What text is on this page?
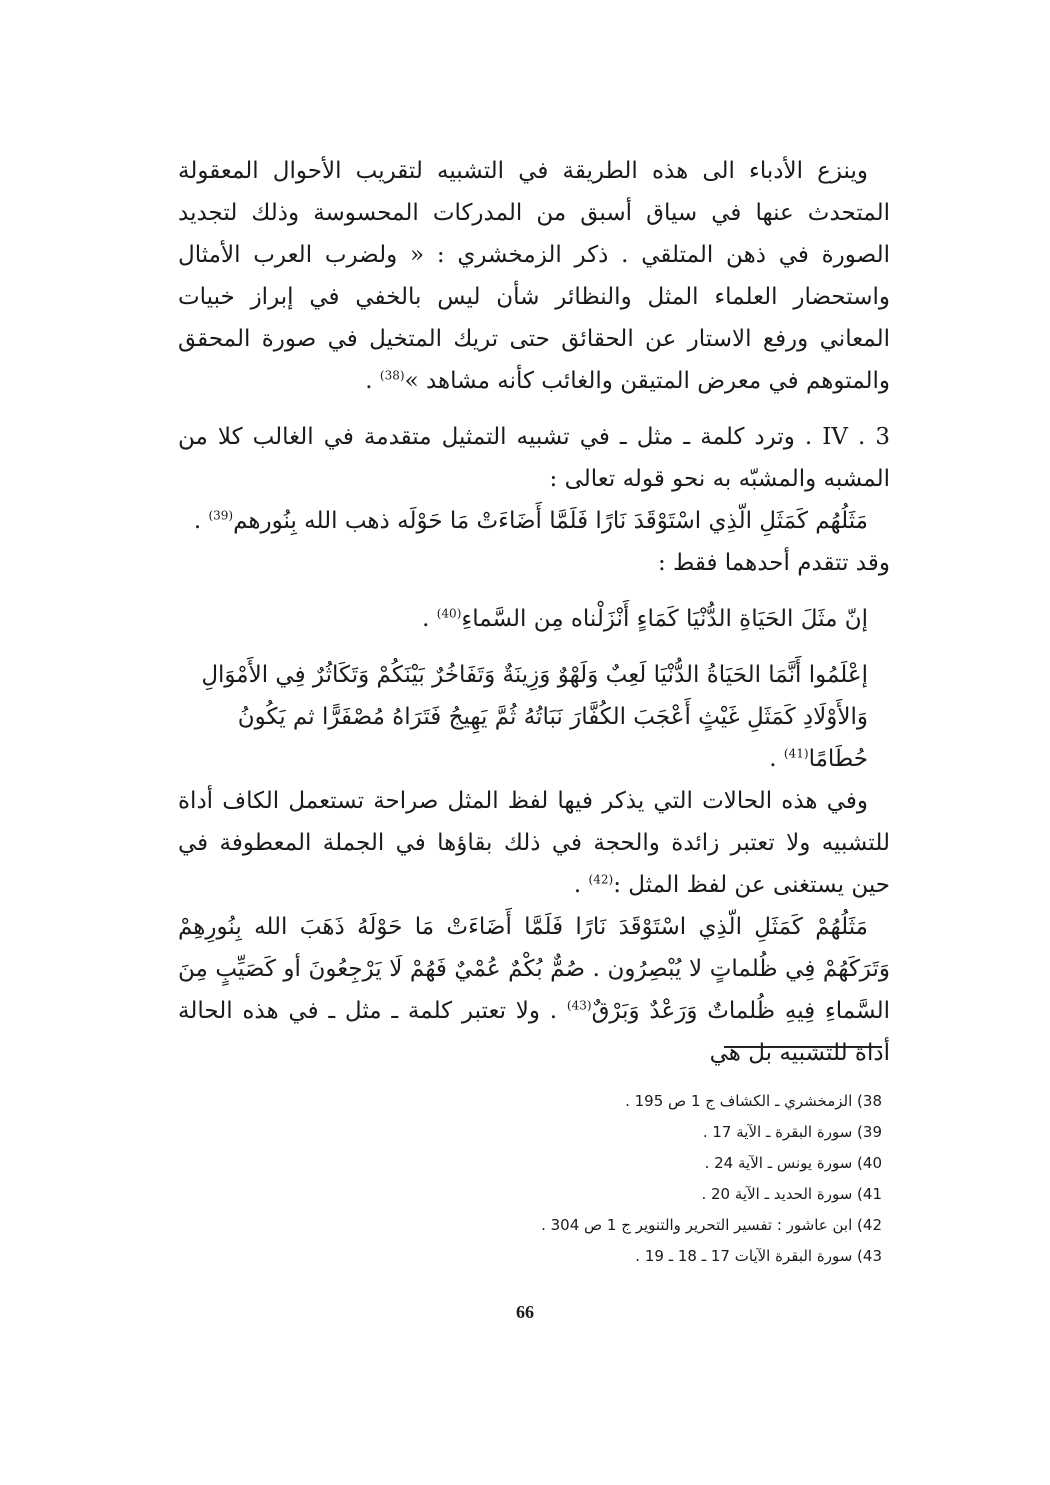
وينزع الأدباء الى هذه الطريقة في التشبيه لتقريب الأحوال المعقولة المتحدث عنها في سياق أسبق من المدركات المحسوسة وذلك لتجديد الصورة في ذهن المتلقي . ذكر الزمخشري : « ولضرب العرب الأمثال واستحضار العلماء المثل والنظائر شأن ليس بالخفي في إبراز خبيات المعاني ورفع الاستار عن الحقائق حتى تريك المتخيل في صورة المحقق والمتوهم في معرض المتيقن والغائب كأنه مشاهد »$^{(38)}$ .

IV . 3 . وترد كلمة ـ مثل ـ في تشبيه التمثيل متقدمة في الغالب كلا من المشبه والمشبّه به نحو قوله تعالى :

مَثَلُهُم كَمَثَلِ الّذِي اسْتَوْقَدَ نَارًا فَلَمَّا أَضَاءَتْ مَا حَوْلَه ذهب الله بِنُورهم$^{(39)}$ .

وقد تتقدم أحدهما فقط :

إنّ مثَلَ الحَيَاةِ الدُّنْيَا كَمَاءٍ أَنْزَلْناه مِن السَّماءِ$^{(40)}$ .

إعْلَمُوا أَنَّمَا الحَيَاةُ الدُّنْيَا لَعِبٌ وَلَهْوٌ وَزِينَةٌ وَتَفَاخُرٌ بَيْنَكُمْ وَتَكَاثُرٌ فِي الأَمْوَالِ وَالأَوْلَادِ كَمَثَلِ غَيْثٍ أَعْجَبَ الكُفَّارَ نَبَاتُهُ ثُمَّ يَهِيجُ فَتَرَاهُ مُصْفَرًّا ثم يَكُونُ حُطَامًا$^{(41)}$ .

وفي هذه الحالات التي يذكر فيها لفظ المثل صراحة تستعمل الكاف أداة للتشبيه ولا تعتبر زائدة والحجة في ذلك بقاؤها في الجملة المعطوفة في حين يستغنى عن لفظ المثل :$^{(42)}$ .

مَثَلُهُمْ كَمَثَلِ الّذِي اسْتَوْقَدَ نَارًا فَلَمَّا أَضَاءَتْ مَا حَوْلَهُ ذَهَبَ الله بِنُورِهِمْ وَتَرَكَهُمْ فِي ظُلماتٍ لا يُبْصِرُون . صُمٌّ بُكْمٌ عُمْيٌ فَهُمْ لَا يَرْجِعُونَ أو كَصَيِّبٍ مِنَ السَّماءِ فِيهِ ظُلماتٌ وَرَعْدٌ وَبَرْقٌ$^{(43)}$ . ولا تعتبر كلمة ـ مثل ـ في هذه الحالة أداة للتشبيه بل هي

38) الزمخشري ـ الكشاف ج 1 ص 195 .
39) سورة البقرة ـ الآية 17 .
40) سورة يونس ـ الآية 24 .
41) سورة الحديد ـ الآية 20 .
42) ابن عاشور : تفسير التحرير والتنوير ج 1 ص 304 .
43) سورة البقرة الآيات 17 ـ 18 ـ 19 .
66
